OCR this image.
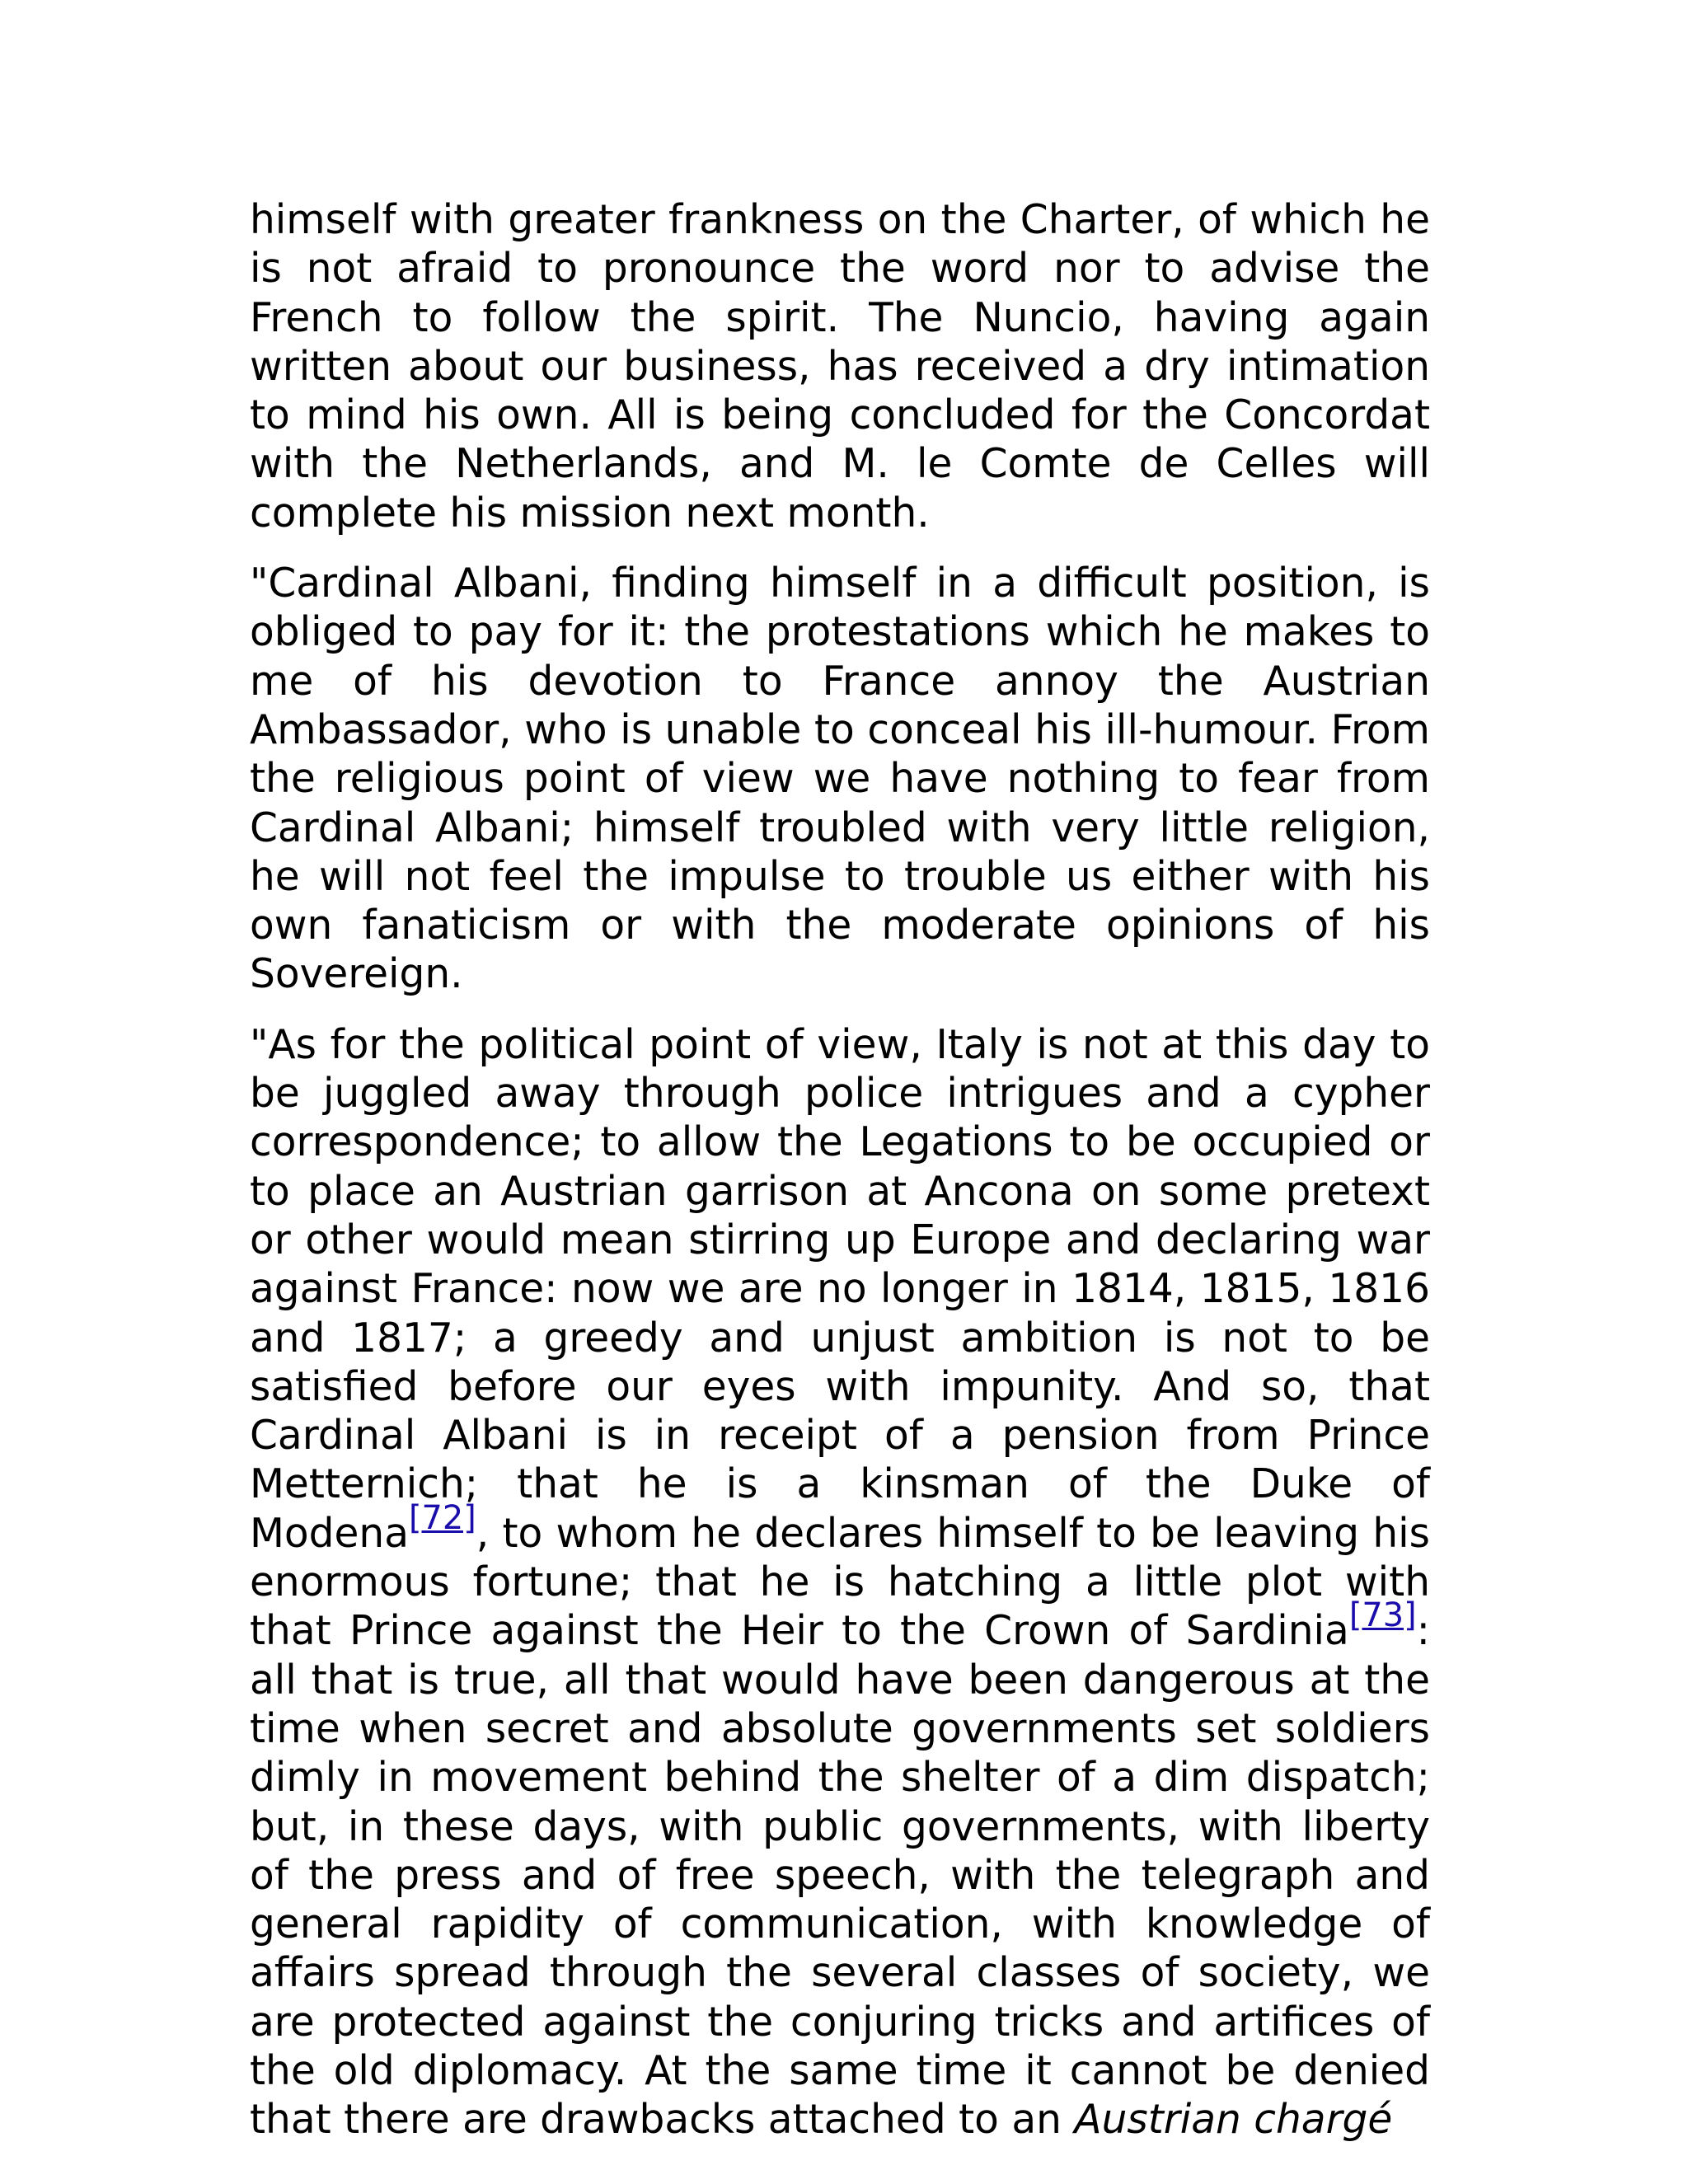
himself with greater frankness on the Charter, of which he is not afraid to pronounce the word nor to advise the French to follow the spirit. The Nuncio, having again written about our business, has received a dry intimation to mind his own. All is being concluded for the Concordat with the Netherlands, and M. le Comte de Celles will complete his mission next month.

"Cardinal Albani, finding himself in a difficult position, is obliged to pay for it: the protestations which he makes to me of his devotion to France annoy the Austrian Ambassador, who is unable to conceal his ill-humour. From the religious point of view we have nothing to fear from Cardinal Albani; himself troubled with very little religion, he will not feel the impulse to trouble us either with his own fanaticism or with the moderate opinions of his Sovereign.

"As for the political point of view, Italy is not at this day to be juggled away through police intrigues and a cypher correspondence; to allow the Legations to be occupied or to place an Austrian garrison at Ancona on some pretext or other would mean stirring up Europe and declaring war against France: now we are no longer in 1814, 1815, 1816 and 1817; a greedy and unjust ambition is not to be satisfied before our eyes with impunity. And so, that Cardinal Albani is in receipt of a pension from Prince Metternich; that he is a kinsman of the Duke of Modena[72], to whom he declares himself to be leaving his enormous fortune; that he is hatching a little plot with that Prince against the Heir to the Crown of Sardinia[73]: all that is true, all that would have been dangerous at the time when secret and absolute governments set soldiers dimly in movement behind the shelter of a dim dispatch; but, in these days, with public governments, with liberty of the press and of free speech, with the telegraph and general rapidity of communication, with knowledge of affairs spread through the several classes of society, we are protected against the conjuring tricks and artifices of the old diplomacy. At the same time it cannot be denied that there are drawbacks attached to an Austrian chargé
